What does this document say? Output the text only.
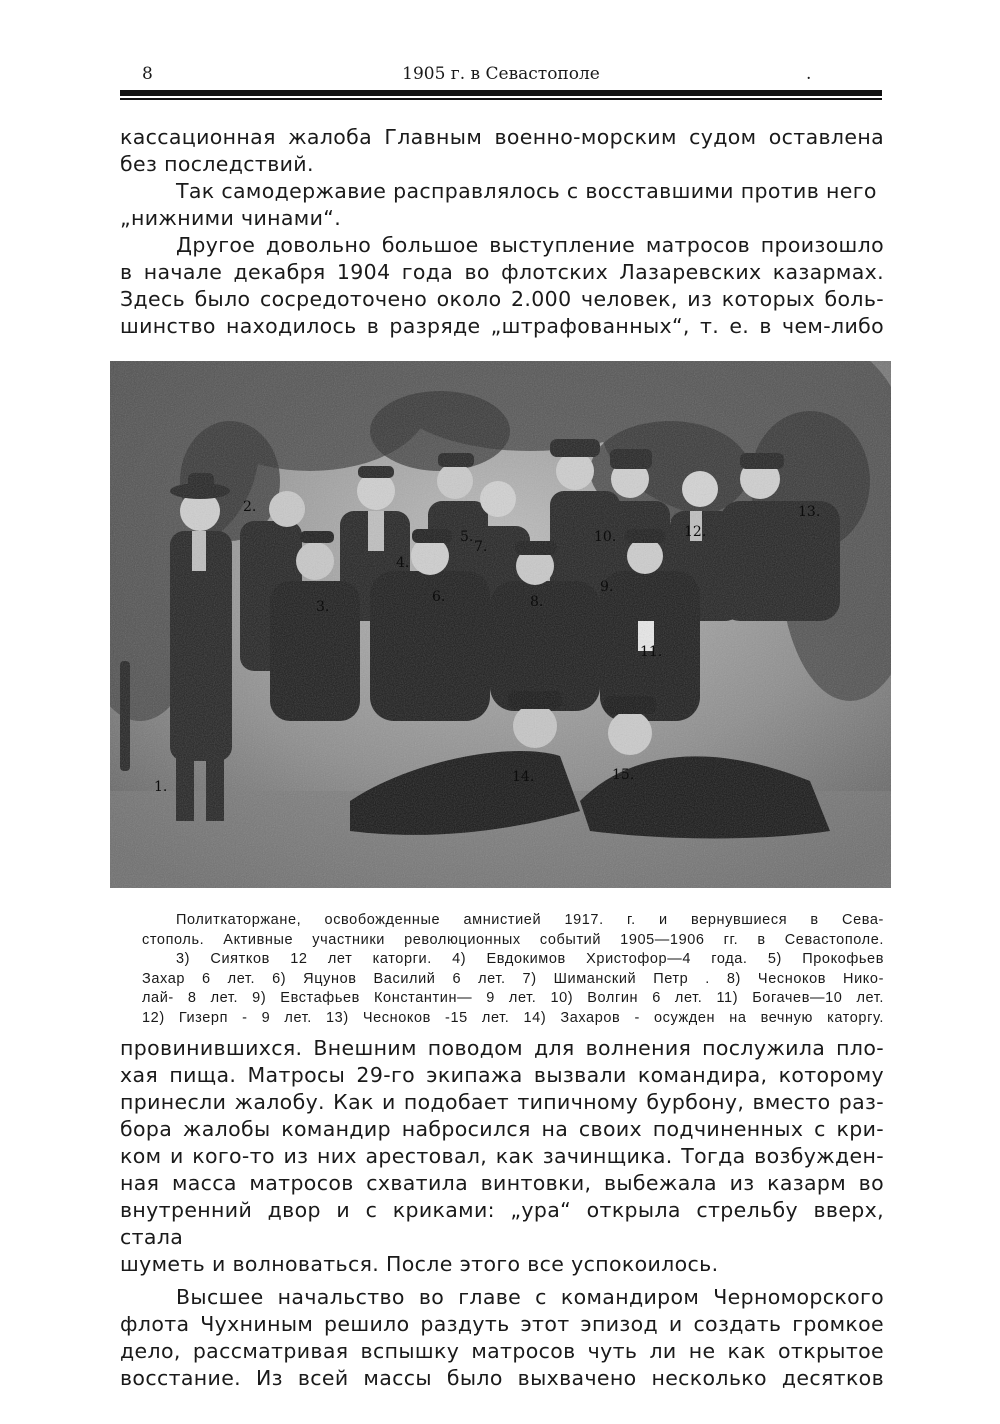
8	1905 г. в Севастополе	.

кассационная жалоба Главным военно-морским судом оставлена

без последствий.

Так самодержавие расправлялось с восставшими против него

„нижними чинами“.

Другое довольно большое выступление матросов произошло

в начале декабря 1904 года во флотских Лазаревских казармах.

Здесь было сосредоточено около 2.000 человек, из которых боль-

шинство находилось в разряде „штрафованных“, т. е. в чем-либо

1.
2.
3.
4.
5.
6.
7.
8.
9.
10.
11.
12.
13.
14.	15.
Политкаторжане, освобожденные амнистией 1917. г. и вернувшиеся в Сева-
стополь. Активные участники революционных событий 1905—1906 гг. в Севастополе.
3) Сиятков 12 лет каторги. 4) Евдокимов Христофор—4 года. 5) Прокофьев
Захар 6 лет. 6) Яцунов Василий 6 лет. 7) Шиманский Петр . 8) Чесноков Нико-
лай- 8 лет. 9) Евстафьев Константин— 9 лет. 10) Волгин 6 лет. 11) Богачев—10 лет.
12) Гизерп - 9 лет. 13) Чесноков -15 лет. 14) Захаров - осужден на вечную каторгу.

провинившихся. Внешним поводом для волнения послужила пло-

хая пища. Матросы 29-го экипажа вызвали командира, которому

принесли жалобу. Как и подобает типичному бурбону, вместо раз-

бора жалобы командир набросился на своих подчиненных с кри-

ком и кого-то из них арестовал, как зачинщика. Тогда возбужден-

ная масса матросов схватила винтовки, выбежала из казарм во

внутренний двор и с криками: „ура“ открыла стрельбу вверх, стала

шуметь и волноваться. После этого все успокоилось.

Высшее начальство во главе с командиром Черноморского

флота Чухниным решило раздуть этот эпизод и создать громкое

дело, рассматривая вспышку матросов чуть ли не как открытое

восстание. Из всей массы было выхвачено несколько десятков
